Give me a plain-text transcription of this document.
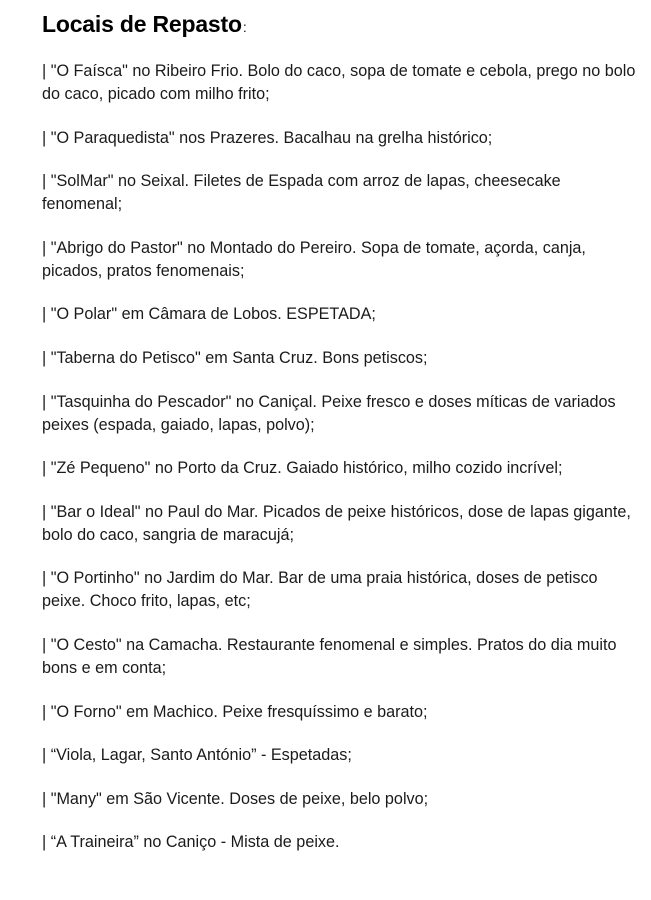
Locais de Repasto :
| "O Faísca" no Ribeiro Frio. Bolo do caco, sopa de tomate e cebola, prego no bolo do caco, picado com milho frito;
| "O Paraquedista" nos Prazeres. Bacalhau na grelha histórico;
| "SolMar" no Seixal. Filetes de Espada com arroz de lapas, cheesecake fenomenal;
| "Abrigo do Pastor" no Montado do Pereiro. Sopa de tomate, açorda, canja, picados, pratos fenomenais;
| "O Polar" em Câmara de Lobos. ESPETADA;
| "Taberna do Petisco" em Santa Cruz. Bons petiscos;
| "Tasquinha do Pescador" no Caniçal. Peixe fresco e doses míticas de variados peixes (espada, gaiado, lapas, polvo);
| "Zé Pequeno" no Porto da Cruz. Gaiado histórico, milho cozido incrível;
| "Bar o Ideal" no Paul do Mar. Picados de peixe históricos, dose de lapas gigante, bolo do caco, sangria de maracujá;
| "O Portinho" no Jardim do Mar. Bar de uma praia histórica, doses de petisco peixe. Choco frito, lapas, etc;
| "O Cesto" na Camacha. Restaurante fenomenal e simples. Pratos do dia muito bons e em conta;
| "O Forno" em Machico. Peixe fresquíssimo e barato;
| “Viola, Lagar, Santo António” - Espetadas;
| "Many" em São Vicente. Doses de peixe, belo polvo;
| “A Traineira” no Caniço - Mista de peixe.
